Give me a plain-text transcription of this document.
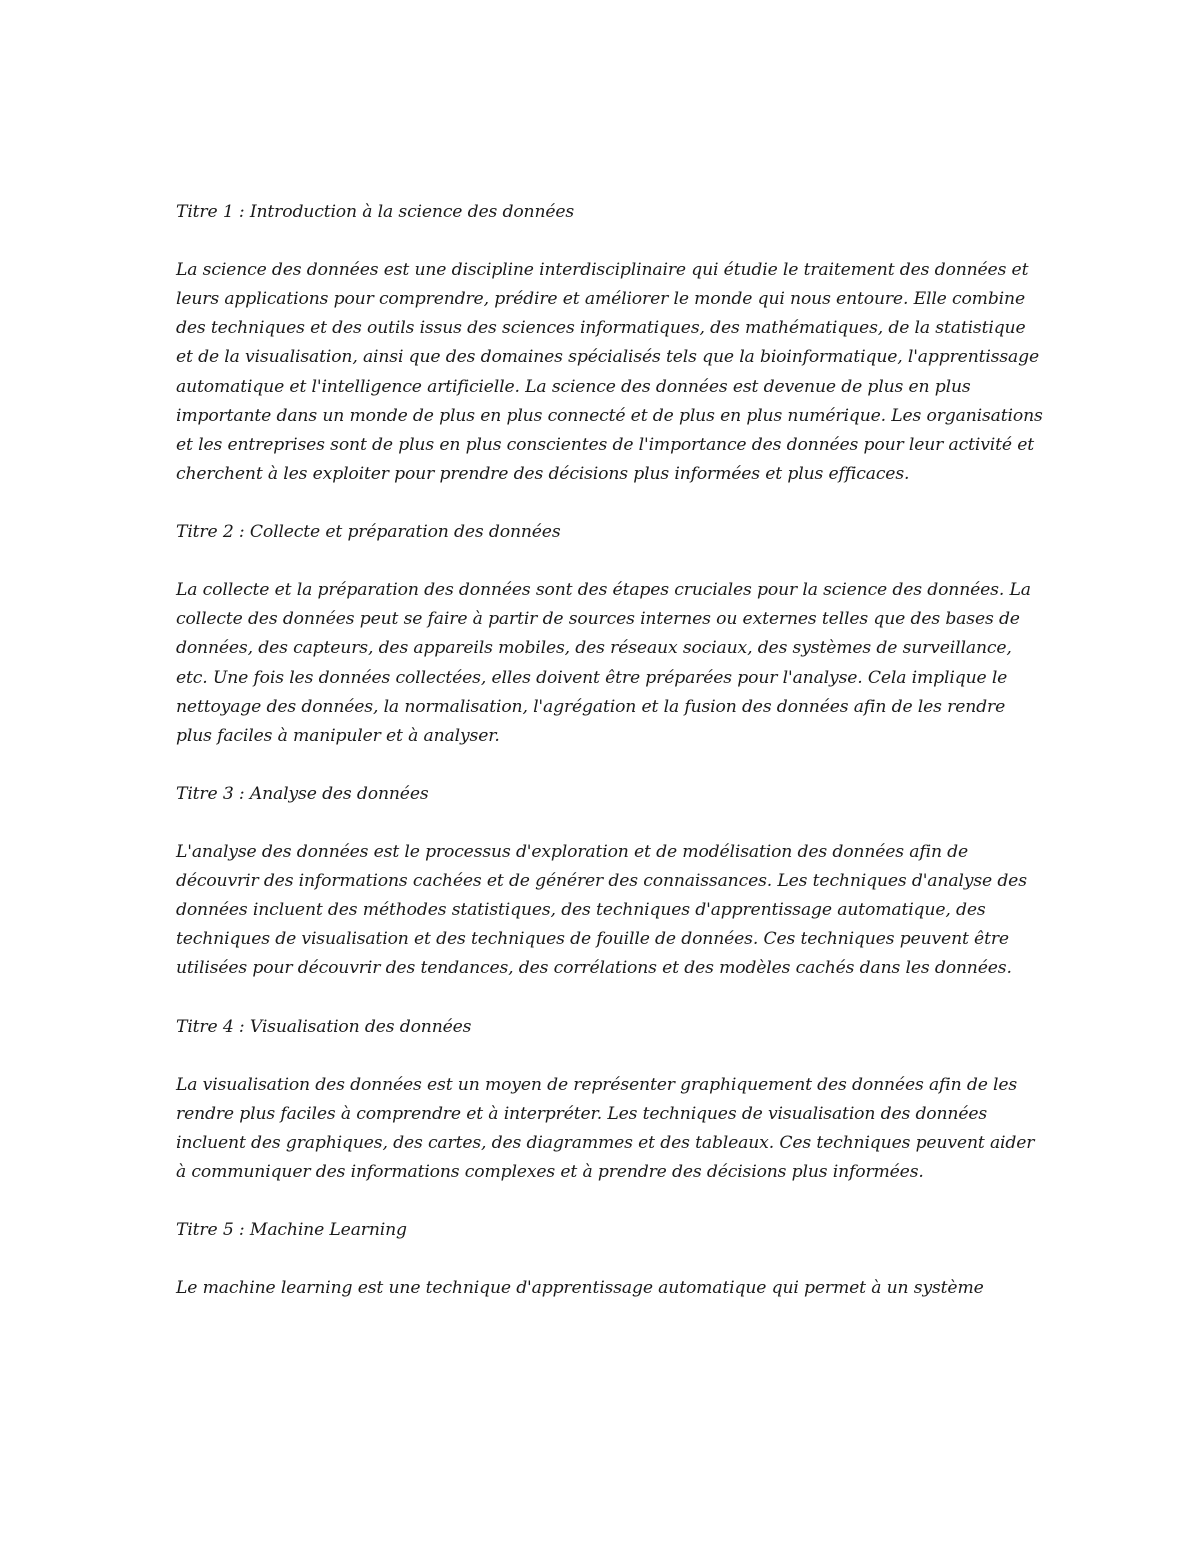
Titre 1 : Introduction à la science des données

La science des données est une discipline interdisciplinaire qui étudie le traitement des données et leurs applications pour comprendre, prédire et améliorer le monde qui nous entoure. Elle combine des techniques et des outils issus des sciences informatiques, des mathématiques, de la statistique et de la visualisation, ainsi que des domaines spécialisés tels que la bioinformatique, l'apprentissage automatique et l'intelligence artificielle. La science des données est devenue de plus en plus importante dans un monde de plus en plus connecté et de plus en plus numérique. Les organisations et les entreprises sont de plus en plus conscientes de l'importance des données pour leur activité et cherchent à les exploiter pour prendre des décisions plus informées et plus efficaces.

Titre 2 : Collecte et préparation des données

La collecte et la préparation des données sont des étapes cruciales pour la science des données. La collecte des données peut se faire à partir de sources internes ou externes telles que des bases de données, des capteurs, des appareils mobiles, des réseaux sociaux, des systèmes de surveillance, etc. Une fois les données collectées, elles doivent être préparées pour l'analyse. Cela implique le nettoyage des données, la normalisation, l'agrégation et la fusion des données afin de les rendre plus faciles à manipuler et à analyser.

Titre 3 : Analyse des données

L'analyse des données est le processus d'exploration et de modélisation des données afin de découvrir des informations cachées et de générer des connaissances. Les techniques d'analyse des données incluent des méthodes statistiques, des techniques d'apprentissage automatique, des techniques de visualisation et des techniques de fouille de données. Ces techniques peuvent être utilisées pour découvrir des tendances, des corrélations et des modèles cachés dans les données.

Titre 4 : Visualisation des données

La visualisation des données est un moyen de représenter graphiquement des données afin de les rendre plus faciles à comprendre et à interpréter. Les techniques de visualisation des données incluent des graphiques, des cartes, des diagrammes et des tableaux. Ces techniques peuvent aider à communiquer des informations complexes et à prendre des décisions plus informées.

Titre 5 : Machine Learning

Le machine learning est une technique d'apprentissage automatique qui permet à un système
